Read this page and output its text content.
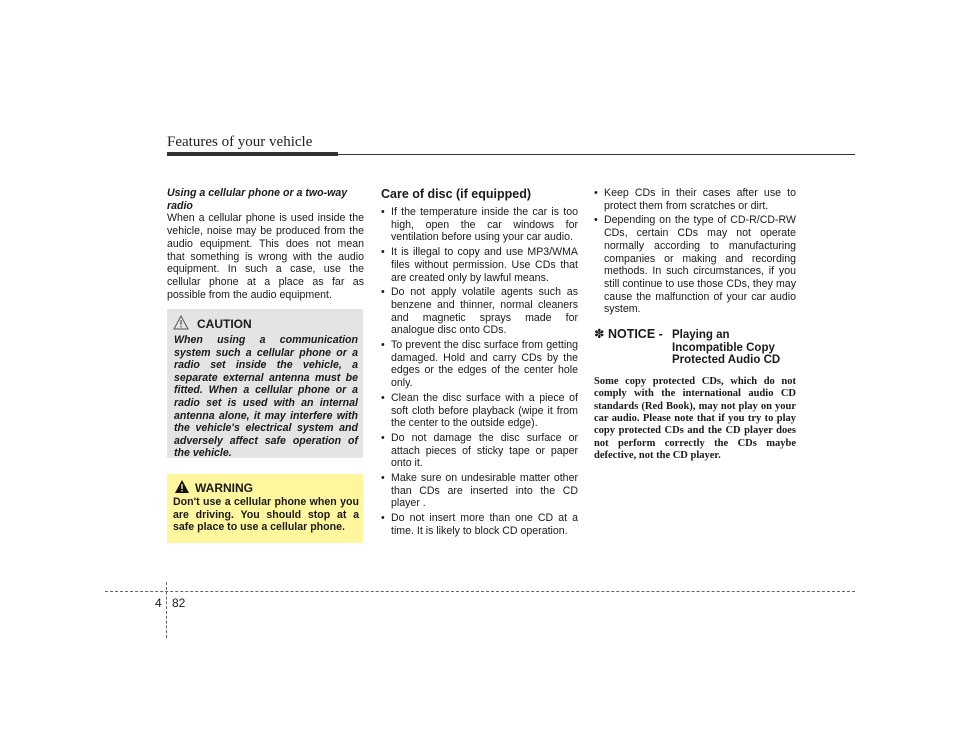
Features of your vehicle

Using a cellular phone or a two-way radio

When a cellular phone is used inside the vehicle, noise may be produced from the audio equipment. This does not mean that something is wrong with the audio equipment. In such a case, use the cellular phone at a place as far as possible from the audio equipment.

CAUTION
When using a communication system such a cellular phone or a radio set inside the vehicle, a separate external antenna must be fitted. When a cellular phone or a radio set is used with an internal antenna alone, it may interfere with the vehicle's electrical system and adversely affect safe operation of the vehicle.
WARNING
Don't use a cellular phone when you are driving. You should stop at a safe place to use a cellular phone.
Care of disc (if equipped)
• If the temperature inside the car is too high, open the car windows for ventilation before using your car audio.
• It is illegal to copy and use MP3/WMA files without permission. Use CDs that are created only by lawful means.
• Do not apply volatile agents such as benzene and thinner, normal cleaners and magnetic sprays made for analogue disc onto CDs.
• To prevent the disc surface from getting damaged. Hold and carry CDs by the edges or the edges of the center hole only.
• Clean the disc surface with a piece of soft cloth before playback (wipe it from the center to the outside edge).
• Do not damage the disc surface or attach pieces of sticky tape or paper onto it.
• Make sure on undesirable matter other than CDs are inserted into the CD player .
• Do not insert more than one CD at a time. It is likely to block CD operation.
• Keep CDs in their cases after use to protect them from scratches or dirt.
• Depending on the type of CD-R/CD-RW CDs, certain CDs may not operate normally according to manufacturing companies or making and recording methods. In such circumstances, if you still continue to use those CDs, they may cause the malfunction of your car audio system.
✽ NOTICE - Playing an
Incompatible Copy
Protected Audio CD

Some copy protected CDs, which do not comply with the international audio CD standards (Red Book), may not play on your car audio. Please note that if you try to play copy protected CDs and the CD player does not perform correctly the CDs maybe defective, not the CD player.

4 82
